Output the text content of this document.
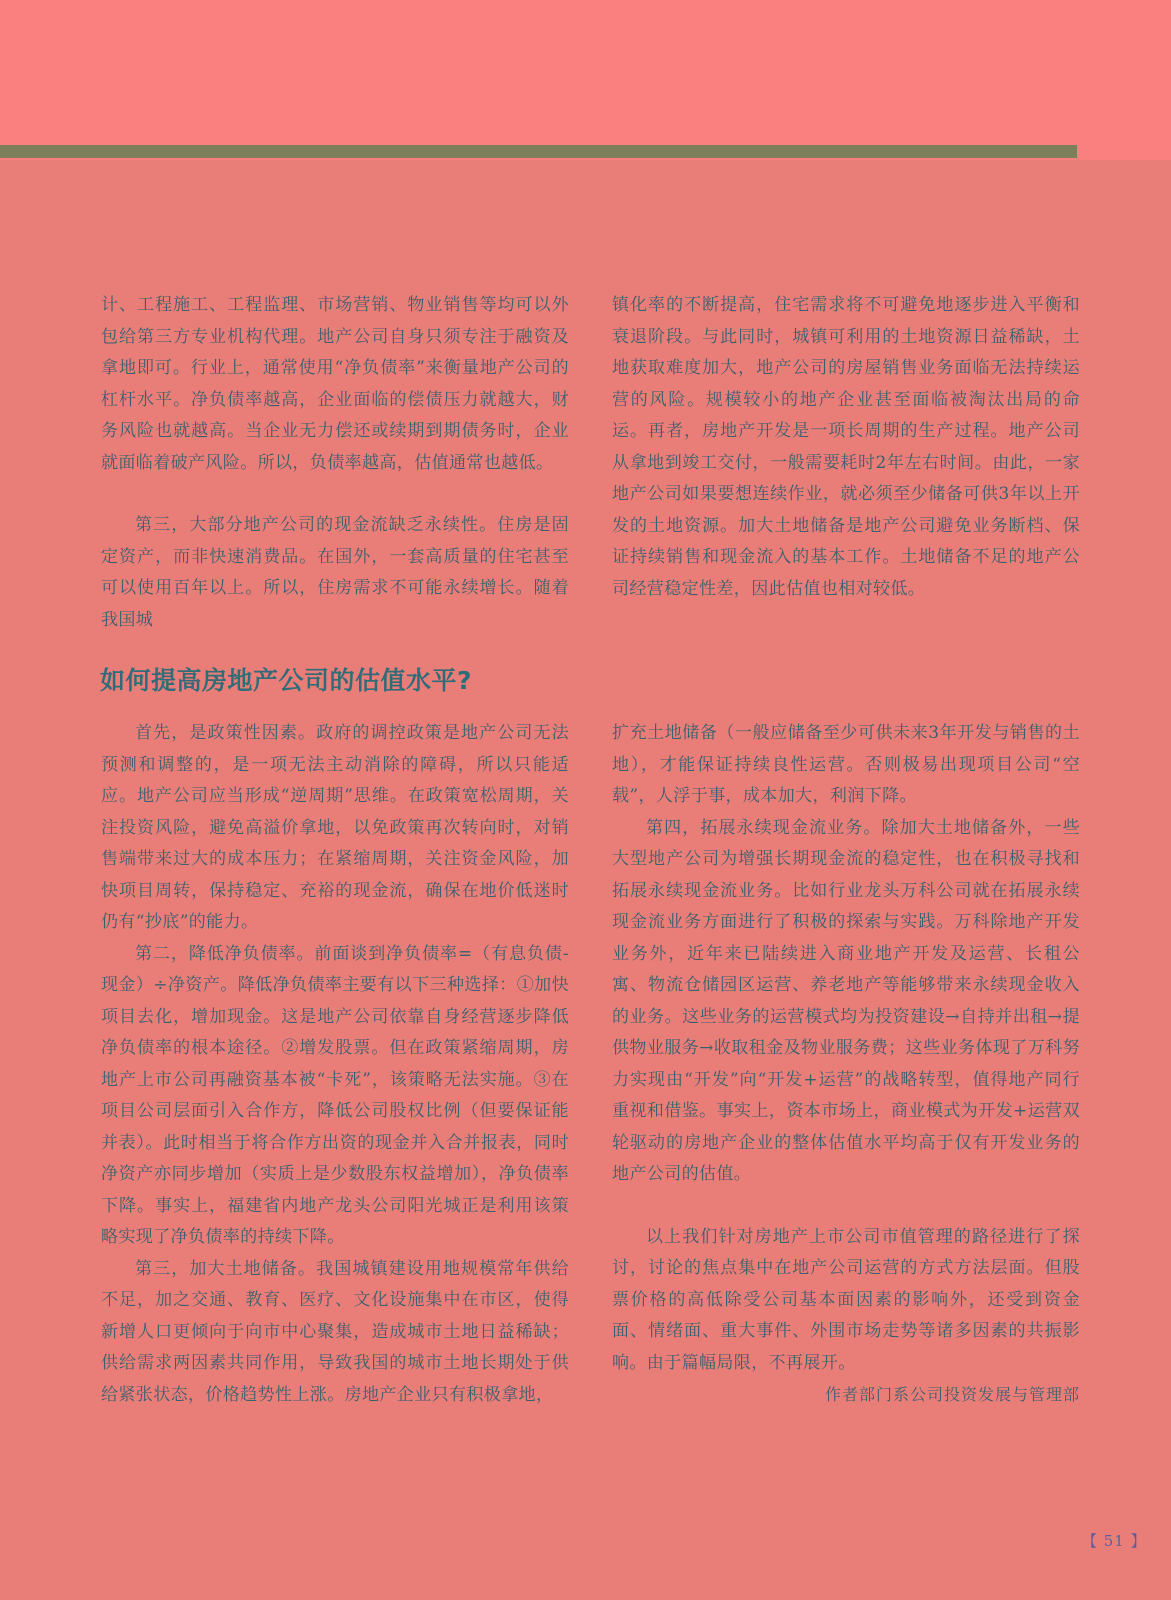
计、工程施工、工程监理、市场营销、物业销售等均可以外包给第三方专业机构代理。地产公司自身只须专注于融资及拿地即可。行业上，通常使用“净负债率”来衡量地产公司的杠杆水平。净负债率越高，企业面临的偿债压力就越大，财务风险也就越高。当企业无力偿还或续期到期债务时，企业就面临着破产风险。所以，负债率越高，估值通常也越低。

第三，大部分地产公司的现金流缺乏永续性。住房是固定资产，而非快速消费品。在国外，一套高质量的住宅甚至可以使用百年以上。所以，住房需求不可能永续增长。随着我国城

镇化率的不断提高，住宅需求将不可避免地逐步进入平衡和衰退阶段。与此同时，城镇可利用的土地资源日益稀缺，土地获取难度加大，地产公司的房屋销售业务面临无法持续运营的风险。规模较小的地产企业甚至面临被淘汰出局的命运。再者，房地产开发是一项长周期的生产过程。地产公司从拿地到竣工交付，一般需要耗时2年左右时间。由此，一家地产公司如果要想连续作业，就必须至少储备可供3年以上开发的土地资源。加大土地储备是地产公司避免业务断档、保证持续销售和现金流入的基本工作。土地储备不足的地产公司经营稳定性差，因此估值也相对较低。

如何提高房地产公司的估值水平?

首先，是政策性因素。政府的调控政策是地产公司无法预测和调整的，是一项无法主动消除的障碍，所以只能适应。地产公司应当形成“逆周期”思维。在政策宽松周期，关注投资风险，避免高溢价拿地，以免政策再次转向时，对销售端带来过大的成本压力；在紧缩周期，关注资金风险，加快项目周转，保持稳定、充裕的现金流，确保在地价低迷时仍有“抄底”的能力。

第二，降低净负债率。前面谈到净负债率=（有息负债-现金）÷净资产。降低净负债率主要有以下三种选择：①加快项目去化，增加现金。这是地产公司依靠自身经营逐步降低净负债率的根本途径。②增发股票。但在政策紧缩周期，房地产上市公司再融资基本被“卡死”，该策略无法实施。③在项目公司层面引入合作方，降低公司股权比例（但要保证能并表）。此时相当于将合作方出资的现金并入合并报表，同时净资产亦同步增加（实质上是少数股东权益增加），净负债率下降。事实上，福建省内地产龙头公司阳光城正是利用该策略实现了净负债率的持续下降。

第三，加大土地储备。我国城镇建设用地规模常年供给不足，加之交通、教育、医疗、文化设施集中在市区，使得新增人口更倾向于向市中心聚集，造成城市土地日益稀缺；供给需求两因素共同作用，导致我国的城市土地长期处于供给紧张状态，价格趋势性上涨。房地产企业只有积极拿地，

扩充土地储备（一般应储备至少可供未来3年开发与销售的土地），才能保证持续良性运营。否则极易出现项目公司“空载”，人浮于事，成本加大，利润下降。

第四，拓展永续现金流业务。除加大土地储备外，一些大型地产公司为增强长期现金流的稳定性，也在积极寻找和拓展永续现金流业务。比如行业龙头万科公司就在拓展永续现金流业务方面进行了积极的探索与实践。万科除地产开发业务外，近年来已陆续进入商业地产开发及运营、长租公寓、物流仓储园区运营、养老地产等能够带来永续现金收入的业务。这些业务的运营模式均为投资建设→自持并出租→提供物业服务→收取租金及物业服务费；这些业务体现了万科努力实现由“开发”向“开发+运营”的战略转型，值得地产同行重视和借鉴。事实上，资本市场上，商业模式为开发+运营双轮驱动的房地产企业的整体估值水平均高于仅有开发业务的地产公司的估值。

以上我们针对房地产上市公司市值管理的路径进行了探讨，讨论的焦点集中在地产公司运营的方式方法层面。但股票价格的高低除受公司基本面因素的影响外，还受到资金面、情绪面、重大事件、外围市场走势等诸多因素的共振影响。由于篇幅局限，不再展开。

作者部门系公司投资发展与管理部

【 51 】
